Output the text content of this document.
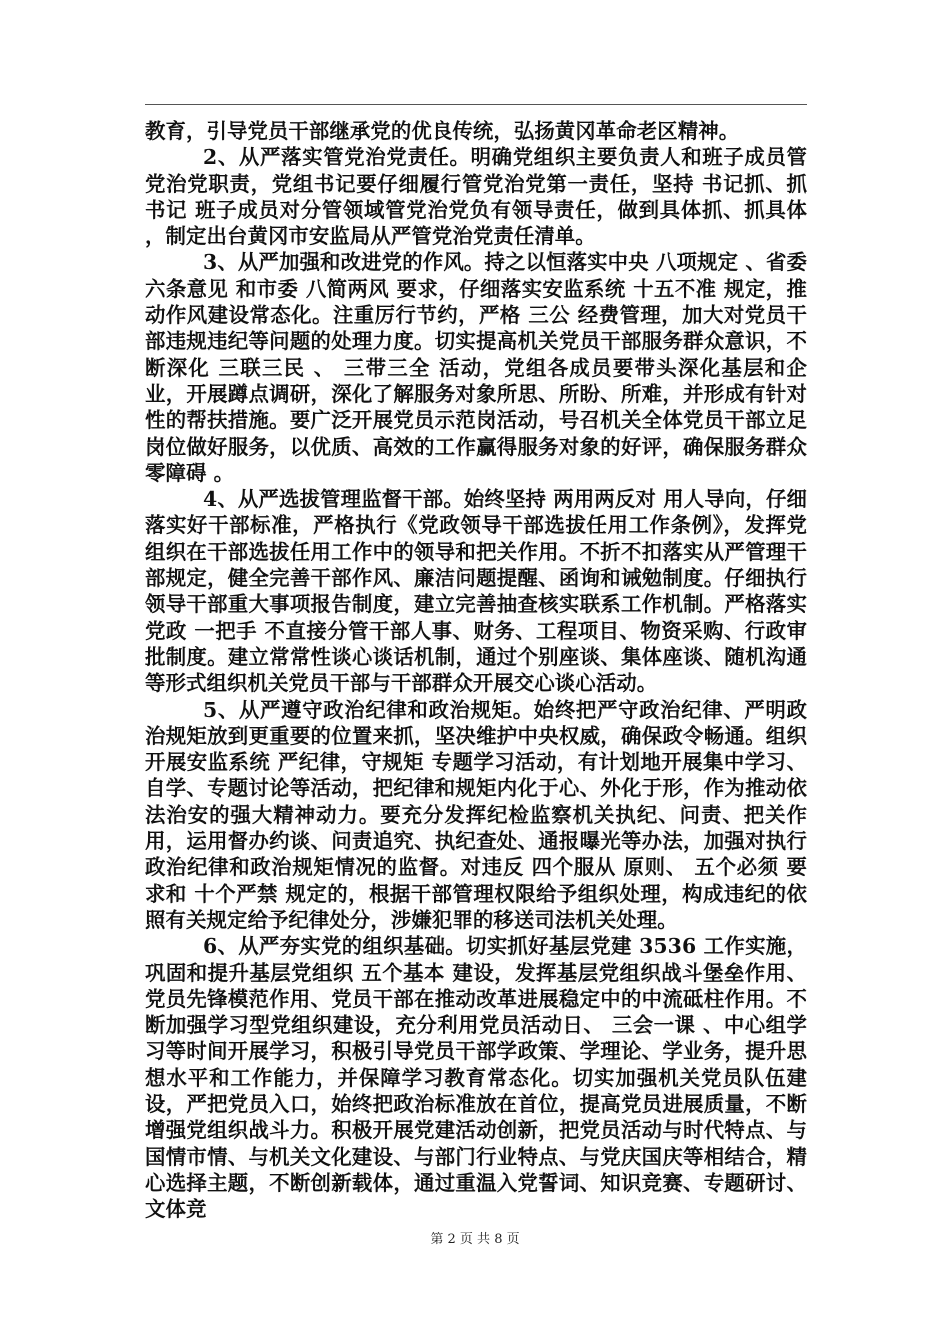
教育，引导党员干部继承党的优良传统，弘扬黄冈革命老区精神。

2、从严落实管党治党责任。明确党组织主要负责人和班子成员管党治党职责，党组书记要仔细履行管党治党第一责任，坚持 书记抓、抓书记 班子成员对分管领域管党治党负有领导责任，做到具体抓、抓具体 ，制定出台黄冈市安监局从严管党治党责任清单。

3、从严加强和改进党的作风。持之以恒落实中央 八项规定 、省委 六条意见 和市委 八简两风 要求，仔细落实安监系统 十五不准 规定，推动作风建设常态化。注重厉行节约，严格 三公 经费管理，加大对党员干部违规违纪等问题的处理力度。切实提高机关党员干部服务群众意识，不断深化 三联三民 、 三带三全 活动，党组各成员要带头深化基层和企业，开展蹲点调研，深化了解服务对象所思、所盼、所难，并形成有针对性的帮扶措施。要广泛开展党员示范岗活动，号召机关全体党员干部立足岗位做好服务，以优质、高效的工作赢得服务对象的好评，确保服务群众 零障碍 。

4、从严选拔管理监督干部。始终坚持 两用两反对 用人导向，仔细落实好干部标准，严格执行《党政领导干部选拔任用工作条例》，发挥党组织在干部选拔任用工作中的领导和把关作用。不折不扣落实从严管理干部规定，健全完善干部作风、廉洁问题提醒、函询和诫勉制度。仔细执行领导干部重大事项报告制度，建立完善抽查核实联系工作机制。严格落实党政 一把手 不直接分管干部人事、财务、工程项目、物资采购、行政审批制度。建立常常性谈心谈话机制，通过个别座谈、集体座谈、随机沟通等形式组织机关党员干部与干部群众开展交心谈心活动。

5、从严遵守政治纪律和政治规矩。始终把严守政治纪律、严明政治规矩放到更重要的位置来抓，坚决维护中央权威，确保政令畅通。组织开展安监系统 严纪律，守规矩 专题学习活动，有计划地开展集中学习、自学、专题讨论等活动，把纪律和规矩内化于心、外化于形，作为推动依法治安的强大精神动力。要充分发挥纪检监察机关执纪、问责、把关作用，运用督办约谈、问责追究、执纪查处、通报曝光等办法，加强对执行政治纪律和政治规矩情况的监督。对违反 四个服从 原则、 五个必须 要求和 十个严禁 规定的，根据干部管理权限给予组织处理，构成违纪的依照有关规定给予纪律处分，涉嫌犯罪的移送司法机关处理。

6、从严夯实党的组织基础。切实抓好基层党建 3536 工作实施，巩固和提升基层党组织 五个基本 建设，发挥基层党组织战斗堡垒作用、党员先锋模范作用、党员干部在推动改革进展稳定中的中流砥柱作用。不断加强学习型党组织建设，充分利用党员活动日、 三会一课 、中心组学习等时间开展学习，积极引导党员干部学政策、学理论、学业务，提升思想水平和工作能力，并保障学习教育常态化。切实加强机关党员队伍建设，严把党员入口，始终把政治标准放在首位，提高党员进展质量，不断增强党组织战斗力。积极开展党建活动创新，把党员活动与时代特点、与国情市情、与机关文化建设、与部门行业特点、与党庆国庆等相结合，精心选择主题，不断创新载体，通过重温入党誓词、知识竞赛、专题研讨、文体竞

第 2 页 共 8 页
